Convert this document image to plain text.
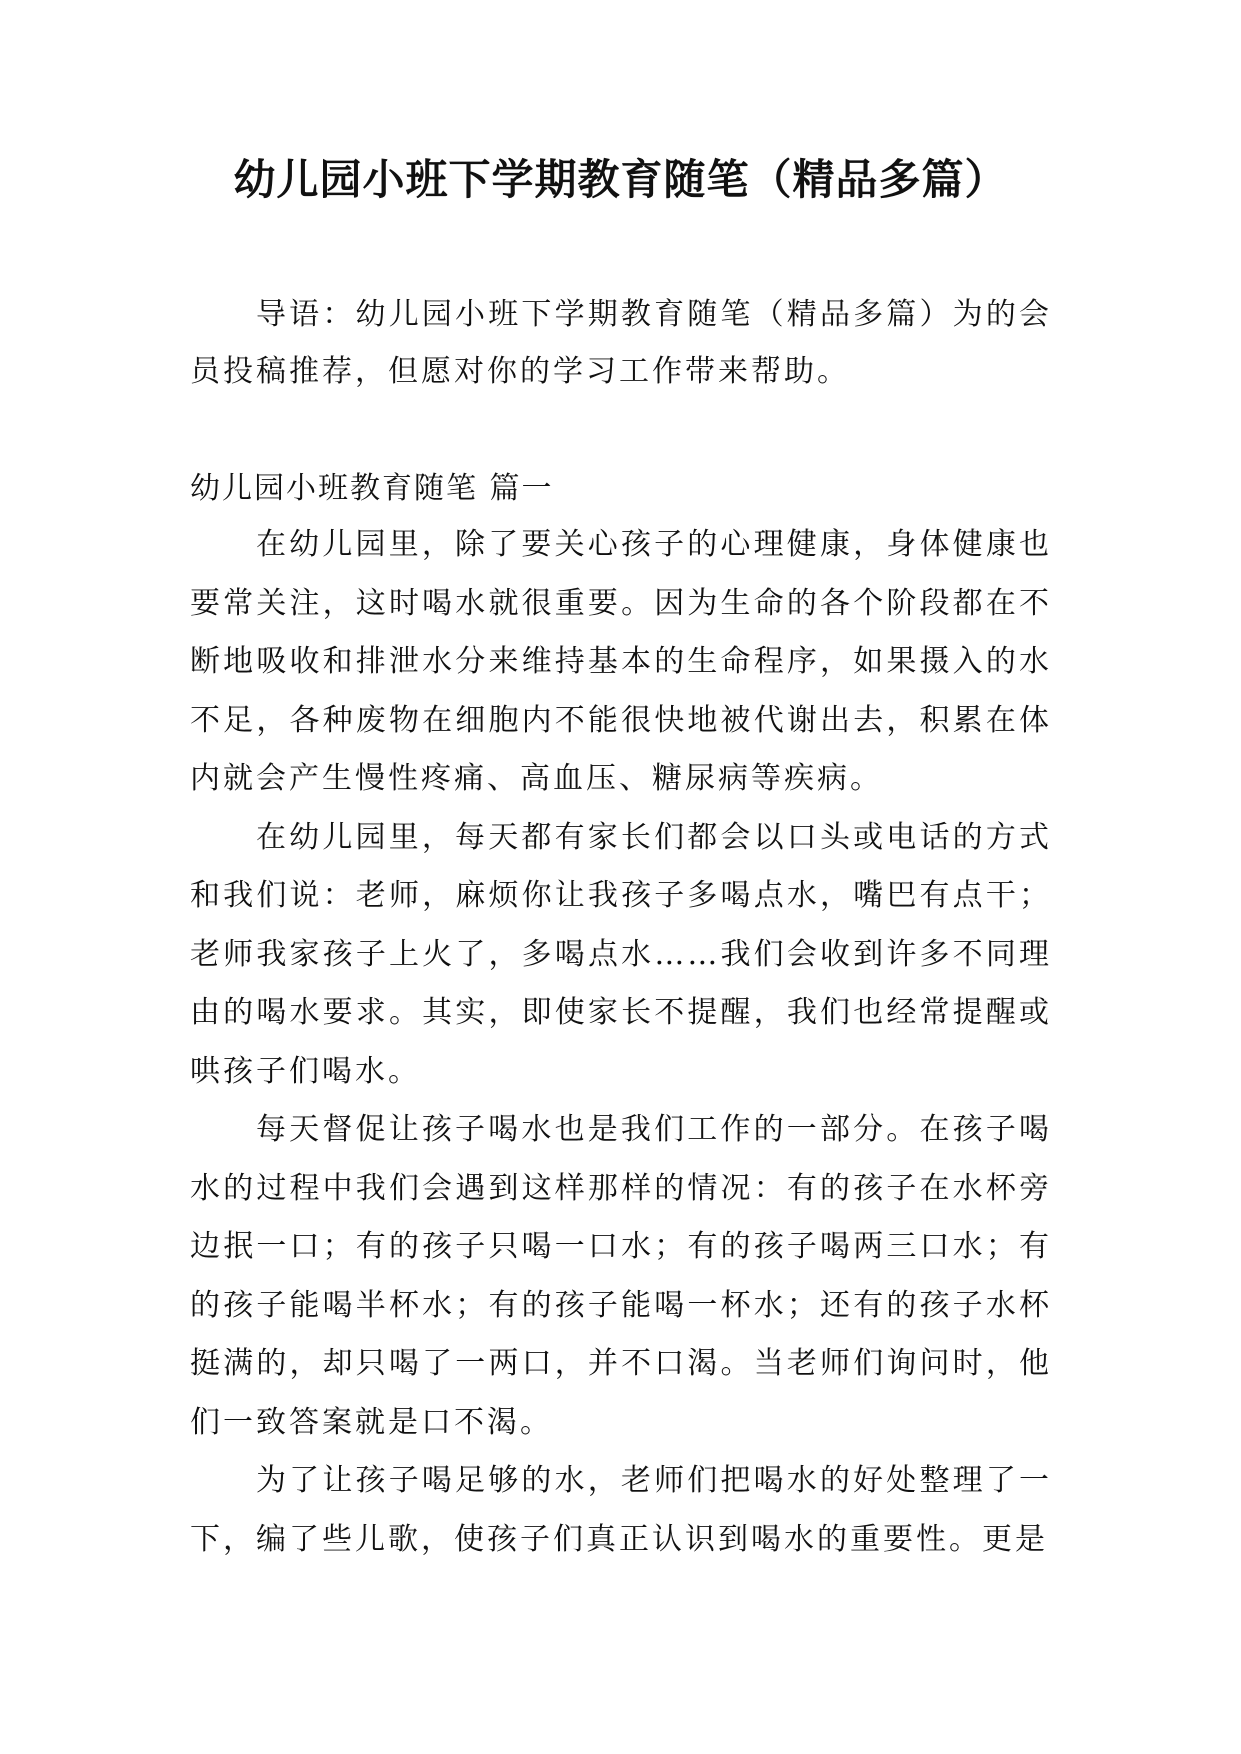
幼儿园小班下学期教育随笔（精品多篇）

导语：幼儿园小班下学期教育随笔（精品多篇）为的会员投稿推荐，但愿对你的学习工作带来帮助。

幼儿园小班教育随笔 篇一

在幼儿园里，除了要关心孩子的心理健康，身体健康也要常关注，这时喝水就很重要。因为生命的各个阶段都在不断地吸收和排泄水分来维持基本的生命程序，如果摄入的水不足，各种废物在细胞内不能很快地被代谢出去，积累在体内就会产生慢性疼痛、高血压、糖尿病等疾病。

在幼儿园里，每天都有家长们都会以口头或电话的方式和我们说：老师，麻烦你让我孩子多喝点水，嘴巴有点干；老师我家孩子上火了，多喝点水……我们会收到许多不同理由的喝水要求。其实，即使家长不提醒，我们也经常提醒或哄孩子们喝水。

每天督促让孩子喝水也是我们工作的一部分。在孩子喝水的过程中我们会遇到这样那样的情况：有的孩子在水杯旁边抿一口；有的孩子只喝一口水；有的孩子喝两三口水；有的孩子能喝半杯水；有的孩子能喝一杯水；还有的孩子水杯挺满的，却只喝了一两口，并不口渴。当老师们询问时，他们一致答案就是口不渴。

为了让孩子喝足够的水，老师们把喝水的好处整理了一下，编了些儿歌，使孩子们真正认识到喝水的重要性。更是
